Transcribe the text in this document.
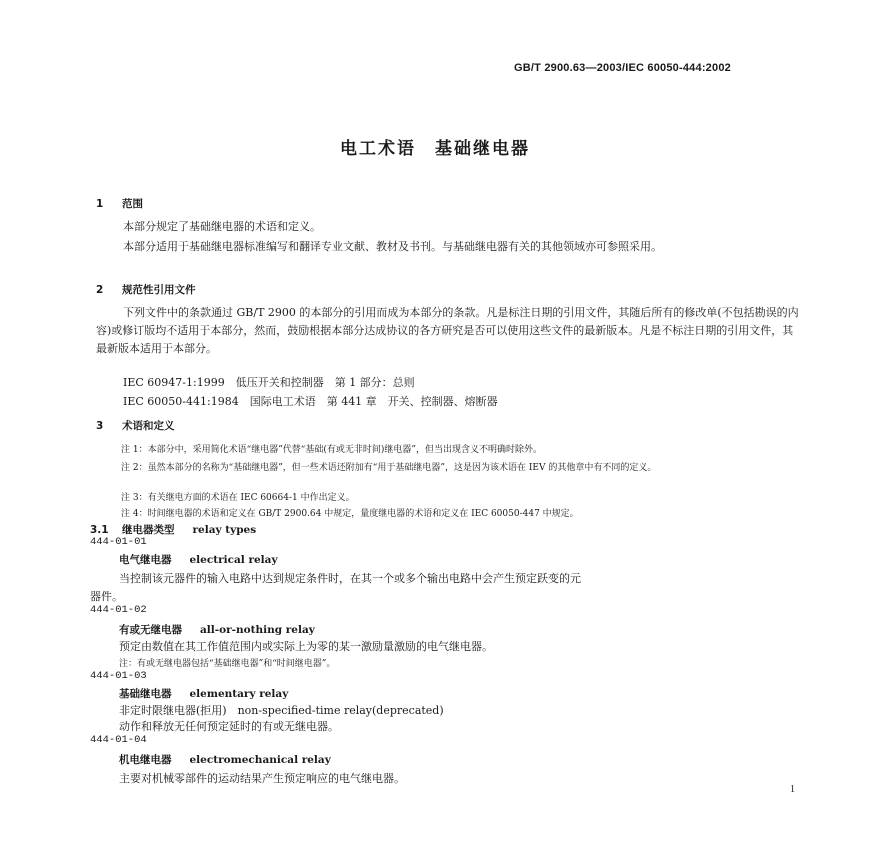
GB/T 2900.63—2003/IEC 60050-444:2002
电工术语　基础继电器
1 范围
本部分规定了基础继电器的术语和定义。
本部分适用于基础继电器标准编写和翻译专业文献、教材及书刊。与基础继电器有关的其他领域亦可参照采用。
2 规范性引用文件
下列文件中的条款通过 GB/T 2900 的本部分的引用而成为本部分的条款。凡是标注日期的引用文件，其随后所有的修改单(不包括勘误的内容)或修订版均不适用于本部分，然而，鼓励根据本部分达成协议的各方研究是否可以使用这些文件的最新版本。凡是不标注日期的引用文件，其最新版本适用于本部分。
IEC 60947-1:1999　低压开关和控制器　第 1 部分：总则
IEC 60050-441:1984　国际电工术语　第 441 章　开关、控制器、熔断器
3 术语和定义
注 1：本部分中，采用简化术语“继电器”代替“基础(有或无非时间)继电器”，但当出现含义不明确时除外。
注 2：虽然本部分的名称为“基础继电器”，但一些术语还附加有“用于基础继电器”，这是因为该术语在 IEV 的其他章中有不同的定义。
注 3：有关继电方面的术语在 IEC 60664-1 中作出定义。
注 4：时间继电器的术语和定义在 GB/T 2900.64 中规定，量度继电器的术语和定义在 IEC 60050-447 中规定。
3.1 继电器类型 relay types
444-01-01
电气继电器 electrical relay
当控制该元器件的输入电路中达到规定条件时，在其一个或多个输出电路中会产生预定跃变的元
器件。
444-01-02
有或无继电器 all-or-nothing relay
预定由数值在其工作值范围内或实际上为零的某一激励量激励的电气继电器。
注：有或无继电器包括“基础继电器”和“时间继电器”。
444-01-03
基础继电器 elementary relay
非定时限继电器(拒用)　non-specified-time relay(deprecated)
动作和释放无任何预定延时的有或无继电器。
444-01-04
机电继电器 electromechanical relay
主要对机械零部件的运动结果产生预定响应的电气继电器。
1
